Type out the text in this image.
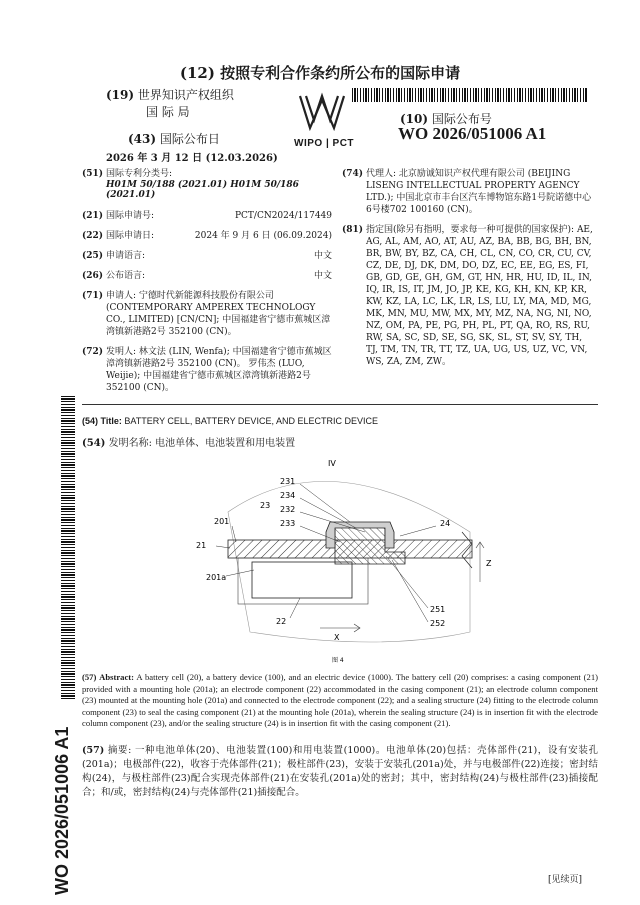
(12) 按照专利合作条约所公布的国际申请
(19) 世界知识产权组织
国 际 局
(43) 国际公布日
2026 年 3 月 12 日 (12.03.2026)
WIPO | PCT
(10) 国际公布号
WO 2026/051006 A1
(51) 国际专利分类号:
H01M 50/188 (2021.01) H01M 50/186 (2021.01)
(21) 国际申请号:	PCT/CN2024/117449
(22) 国际申请日:	2024 年 9 月 6 日 (06.09.2024)
(25) 申请语言:	中文
(26) 公布语言:	中文
(71) 申请人: 宁德时代新能源科技股份有限公司 (CONTEMPORARY AMPEREX TECHNOLOGY CO., LIMITED) [CN/CN]; 中国福建省宁德市蕉城区漳湾镇新港路2号 352100 (CN)。
(72) 发明人: 林文法 (LIN, Wenfa); 中国福建省宁德市蕉城区漳湾镇新港路2号 352100 (CN)。 罗伟杰 (LUO, Weijie); 中国福建省宁德市蕉城区漳湾镇新港路2号 352100 (CN)。
(74) 代理人: 北京励诚知识产权代理有限公司 (BEIJING LISENG INTELLECTUAL PROPERTY AGENCY LTD.); 中国北京市丰台区汽车博物馆东路1号院诺德中心6号楼702 100160 (CN)。
(81) 指定国(除另有指明，要求每一种可提供的国家保护): AE, AG, AL, AM, AO, AT, AU, AZ, BA, BB, BG, BH, BN, BR, BW, BY, BZ, CA, CH, CL, CN, CO, CR, CU, CV, CZ, DE, DJ, DK, DM, DO, DZ, EC, EE, EG, ES, FI, GB, GD, GE, GH, GM, GT, HN, HR, HU, ID, IL, IN, IQ, IR, IS, IT, JM, JO, JP, KE, KG, KH, KN, KP, KR, KW, KZ, LA, LC, LK, LR, LS, LU, LY, MA, MD, MG, MK, MN, MU, MW, MX, MY, MZ, NA, NG, NI, NO, NZ, OM, PA, PE, PG, PH, PL, PT, QA, RO, RS, RU, RW, SA, SC, SD, SE, SG, SK, SL, ST, SV, SY, TH, TJ, TM, TN, TR, TT, TZ, UA, UG, US, UZ, VC, VN, WS, ZA, ZM, ZW。
WO 2026/051006 A1
(54) Title: BATTERY CELL, BATTERY DEVICE, AND ELECTRIC DEVICE
(54) 发明名称: 电池单体、电池装置和用电装置
IV
231
234
23 232
233
201
21
201a
22
24
251
252
X
Z
图 4
(57) Abstract: A battery cell (20), a battery device (100), and an electric device (1000). The battery cell (20) comprises: a casing component (21) provided with a mounting hole (201a); an electrode component (22) accommodated in the casing component (21); an electrode column component (23) mounted at the mounting hole (201a) and connected to the electrode component (22); and a sealing structure (24) fitting to the electrode column component (23) to seal the casing component (21) at the mounting hole (201a), wherein the sealing structure (24) is in insertion fit with the electrode column component (23), and/or the sealing structure (24) is in insertion fit with the casing component (21).
(57) 摘要: 一种电池单体(20)、电池装置(100)和用电装置(1000)。电池单体(20)包括：壳体部件(21)，设有安装孔(201a)；电极部件(22)，收容于壳体部件(21)；极柱部件(23)，安装于安装孔(201a)处，并与电极部件(22)连接；密封结构(24)，与极柱部件(23)配合实现壳体部件(21)在安装孔(201a)处的密封；其中，密封结构(24)与极柱部件(23)插接配合；和/或，密封结构(24)与壳体部件(21)插接配合。
[见续页]
